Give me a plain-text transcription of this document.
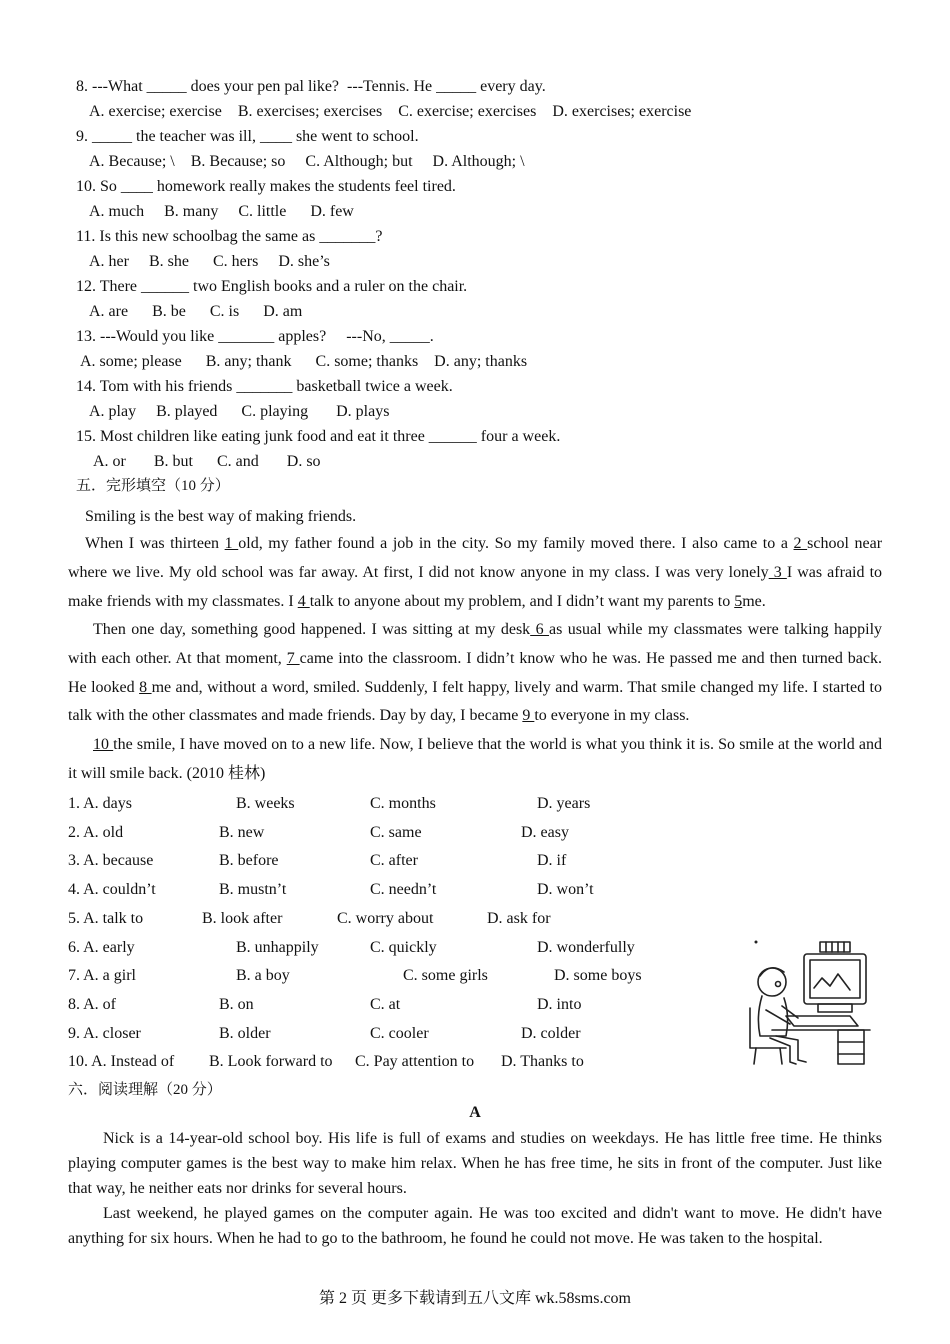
8. ---What _____ does your pen pal like?  ---Tennis. He _____ every day.
A. exercise; exercise    B. exercises; exercises    C. exercise; exercises    D. exercises; exercise
9. _____ the teacher was ill, ____ she went to school.
A. Because; \    B. Because; so     C. Although; but     D. Although; \
10. So ____ homework really makes the students feel tired.
A. much     B. many     C. little      D. few
11. Is this new schoolbag the same as _______?
A. her     B. she      C. hers     D. she’s
12. There ______ two English books and a ruler on the chair.
A. are      B. be      C. is      D. am
13. ---Would you like _______ apples?     ---No, _____.
A. some; please      B. any; thank      C. some; thanks    D. any; thanks
14. Tom with his friends _______ basketball twice a week.
A. play     B. played      C. playing       D. plays
15. Most children like eating junk food and eat it three ______ four a week.
A. or       B. but      C. and       D. so
五．完形填空（10 分）
Smiling is the best way of making friends.
When I was thirteen 1 old, my father found a job in the city. So my family moved there. I also came to a 2 school near where we live. My old school was far away. At first, I did not know anyone in my class. I was very lonely 3 I was afraid to make friends with my classmates. I 4 talk to anyone about my problem, and I didn’t want my parents to 5me.
Then one day, something good happened. I was sitting at my desk 6 as usual while my classmates were talking happily with each other. At that moment, 7 came into the classroom. I didn’t know who he was. He passed me and then turned back. He looked 8 me and, without a word, smiled. Suddenly, I felt happy, lively and warm. That smile changed my life. I started to talk with the other classmates and made friends. Day by day, I became 9 to everyone in my class.
10 the smile, I have moved on to a new life. Now, I believe that the world is what you think it is. So smile at the world and it will smile back. (2010 桂林)
1. A. days	B. weeks	C. months	D. years
2. A. old	B. new	C. same	D. easy
3. A. because	B. before	C. after	D. if
4. A. couldn’t	B. mustn’t	C. needn’t	D. won’t
5. A. talk to	B. look after	C. worry about	D. ask for
6. A. early	B. unhappily	C. quickly	D. wonderfully
7. A. a girl	B. a boy	C. some girls	D. some boys
8. A. of	B. on	C. at	D. into
9. A. closer	B. older	C. cooler	D. colder
10. A. Instead of B. Look forward to C. Pay attention to D. Thanks to
六．阅读理解（20 分）
A
Nick is a 14-year-old school boy. His life is full of exams and studies on weekdays. He has little free time. He thinks playing computer games is the best way to make him relax. When he has free time, he sits in front of the computer. Just like that way, he neither eats nor drinks for several hours.
Last weekend, he played games on the computer again. He was too excited and didn't want to move. He didn't have anything for six hours. When he had to go to the bathroom, he found he could not move. He was taken to the hospital.
第 2 页 更多下载请到五八文库 wk.58sms.com
